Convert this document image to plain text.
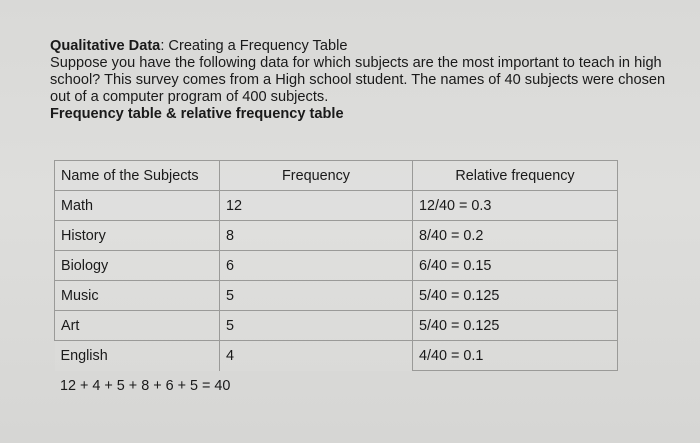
Qualitative Data: Creating a Frequency Table

Suppose you have the following data for which subjects are the most important to teach in high school? This survey comes from a High school student. The names of 40 subjects were chosen out of a computer program of 400 subjects.

Frequency table & relative frequency table

Name of the Subjects	Frequency	Relative frequency
Math	12	12/40 = 0.3
History	8	8/40 = 0.2
Biology	6	6/40 = 0.15
Music	5	5/40 = 0.125
Art	5	5/40 = 0.125
English	4	4/40 = 0.1
12 + 4 + 5 + 8 + 6 + 5 = 40
